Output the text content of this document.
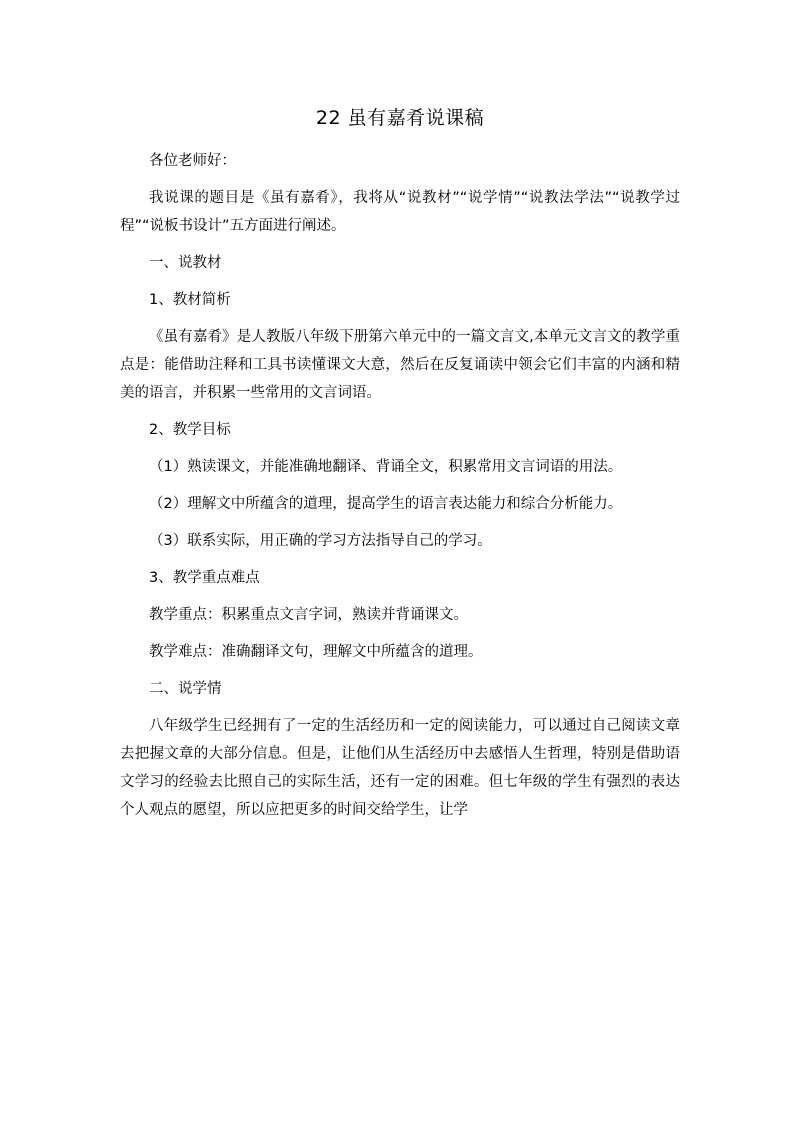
22 虽有嘉肴说课稿

各位老师好：

我说课的题目是《虽有嘉肴》，我将从“说教材”“说学情”“说教法学法”“说教学过程”“说板书设计”五方面进行阐述。

一、说教材

1、教材简析

《虽有嘉肴》是人教版八年级下册第六单元中的一篇文言文,本单元文言文的教学重点是：能借助注释和工具书读懂课文大意，然后在反复诵读中领会它们丰富的内涵和精美的语言，并积累一些常用的文言词语。

2、教学目标

（1）熟读课文，并能准确地翻译、背诵全文，积累常用文言词语的用法。

（2）理解文中所蕴含的道理，提高学生的语言表达能力和综合分析能力。

（3）联系实际，用正确的学习方法指导自己的学习。

3、教学重点难点

教学重点：积累重点文言字词，熟读并背诵课文。

教学难点：准确翻译文句，理解文中所蕴含的道理。

二、说学情

八年级学生已经拥有了一定的生活经历和一定的阅读能力，可以通过自己阅读文章去把握文章的大部分信息。但是，让他们从生活经历中去感悟人生哲理，特别是借助语文学习的经验去比照自己的实际生活，还有一定的困难。但七年级的学生有强烈的表达个人观点的愿望，所以应把更多的时间交给学生，让学
